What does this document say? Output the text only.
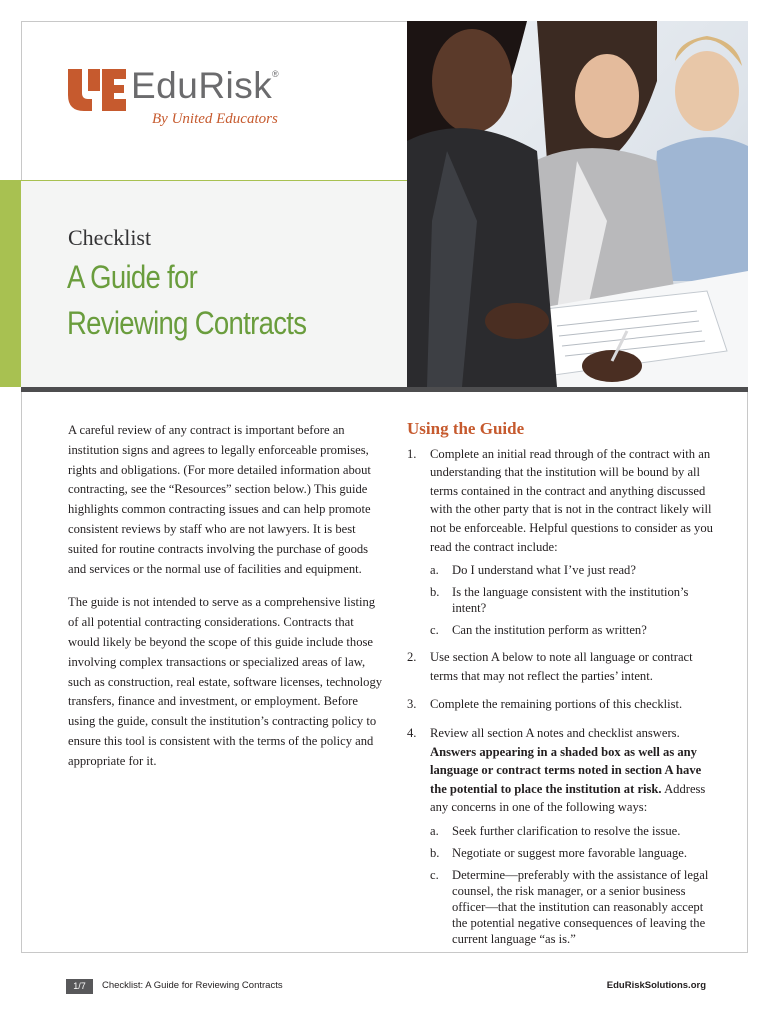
EduRisk ®
By United Educators
Checklist
A Guide for
Reviewing Contracts

A careful review of any contract is important before an institution signs and agrees to legally enforceable promises, rights and obligations. (For more detailed information about contracting, see the “Resources” section below.) This guide highlights common contracting issues and can help promote consistent reviews by staff who are not lawyers. It is best suited for routine contracts involving the purchase of goods and services or the normal use of facilities and equipment.

The guide is not intended to serve as a comprehensive listing of all potential contracting considerations. Contracts that would likely be beyond the scope of this guide include those involving complex transactions or specialized areas of law, such as construction, real estate, software licenses, technology transfers, finance and investment, or employment. Before using the guide, consult the institution’s contracting policy to ensure this tool is consistent with the terms of the policy and appropriate for it.

Using the Guide
1. Complete an initial read through of the contract with an understanding that the institution will be bound by all terms contained in the contract and anything discussed with the other party that is not in the contract likely will not be enforceable. Helpful questions to consider as you read the contract include:
a. Do I understand what I’ve just read?
b. Is the language consistent with the institution’s intent?
c. Can the institution perform as written?
2. Use section A below to note all language or contract terms that may not reflect the parties’ intent.
3. Complete the remaining portions of this checklist.
4. Review all section A notes and checklist answers. Answers appearing in a shaded box as well as any language or contract terms noted in section A have the potential to place the institution at risk. Address any concerns in one of the following ways:
a. Seek further clarification to resolve the issue.
b. Negotiate or suggest more favorable language.
c. Determine—preferably with the assistance of legal counsel, the risk manager, or a senior business officer—that the institution can reasonably accept the potential negative consequences of leaving the current language “as is.”
1/7	Checklist: A Guide for Reviewing Contracts	EduRiskSolutions.org
